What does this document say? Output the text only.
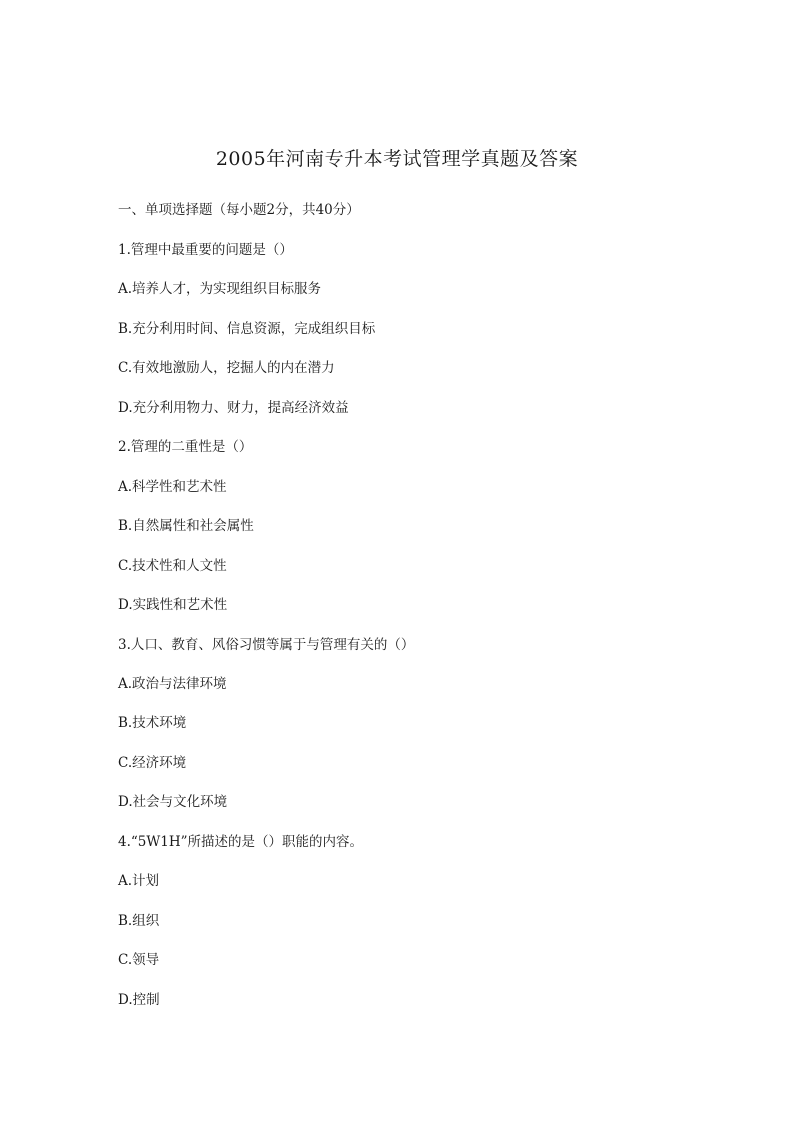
2005年河南专升本考试管理学真题及答案
一、单项选择题（每小题2分，共40分）
1.管理中最重要的问题是（）
A.培养人才，为实现组织目标服务
B.充分利用时间、信息资源，完成组织目标
C.有效地激励人，挖掘人的内在潜力
D.充分利用物力、财力，提高经济效益
2.管理的二重性是（）
A.科学性和艺术性
B.自然属性和社会属性
C.技术性和人文性
D.实践性和艺术性
3.人口、教育、风俗习惯等属于与管理有关的（）
A.政治与法律环境
B.技术环境
C.经济环境
D.社会与文化环境
4.“5W1H”所描述的是（）职能的内容。
A.计划
B.组织
C.领导
D.控制
